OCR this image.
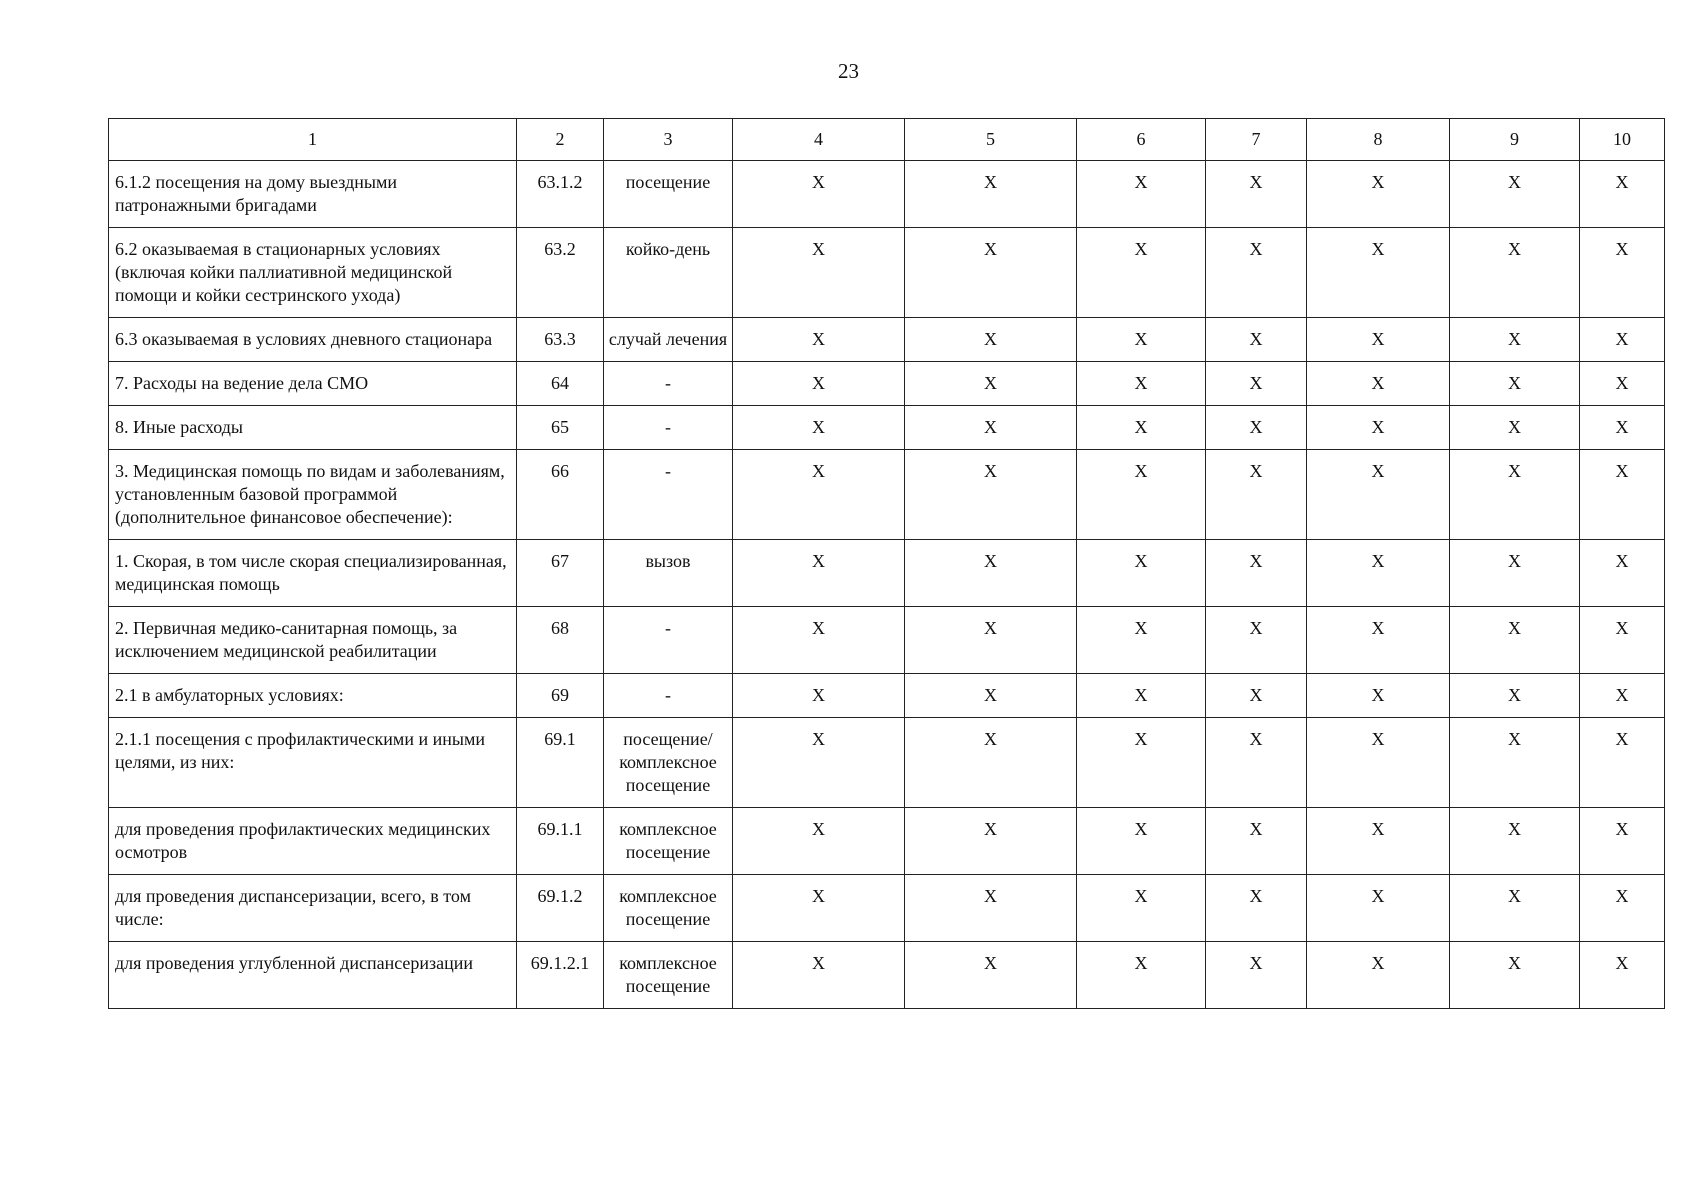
23
1	2	3	4	5	6	7	8	9	10
6.1.2 посещения на дому выездными патронажными бригадами	63.1.2	посещение	X	X	X	X	X	X	X
6.2 оказываемая в стационарных условиях (включая койки паллиативной медицинской помощи и койки сестринского ухода)	63.2	койко-день	X	X	X	X	X	X	X
6.3 оказываемая в условиях дневного стационара	63.3	случай лечения	X	X	X	X	X	X	X
7. Расходы на ведение дела СМО	64	-	X	X	X	X	X	X	X
8. Иные расходы	65	-	X	X	X	X	X	X	X
3. Медицинская помощь по видам и заболеваниям, установленным базовой программой (дополнительное финансовое обеспечение):	66	-	X	X	X	X	X	X	X
1. Скорая, в том числе скорая специализированная, медицинская помощь	67	вызов	X	X	X	X	X	X	X
2. Первичная медико-санитарная помощь, за исключением медицинской реабилитации	68	-	X	X	X	X	X	X	X
2.1 в амбулаторных условиях:	69	-	X	X	X	X	X	X	X
2.1.1 посещения с профилактическими и иными целями, из них:	69.1	посещение/ комплексное посещение	X	X	X	X	X	X	X
для проведения профилактических медицинских осмотров	69.1.1	комплексное посещение	X	X	X	X	X	X	X
для проведения диспансеризации, всего, в том числе:	69.1.2	комплексное посещение	X	X	X	X	X	X	X
для проведения углубленной диспансеризации	69.1.2.1	комплексное посещение	X	X	X	X	X	X	X
